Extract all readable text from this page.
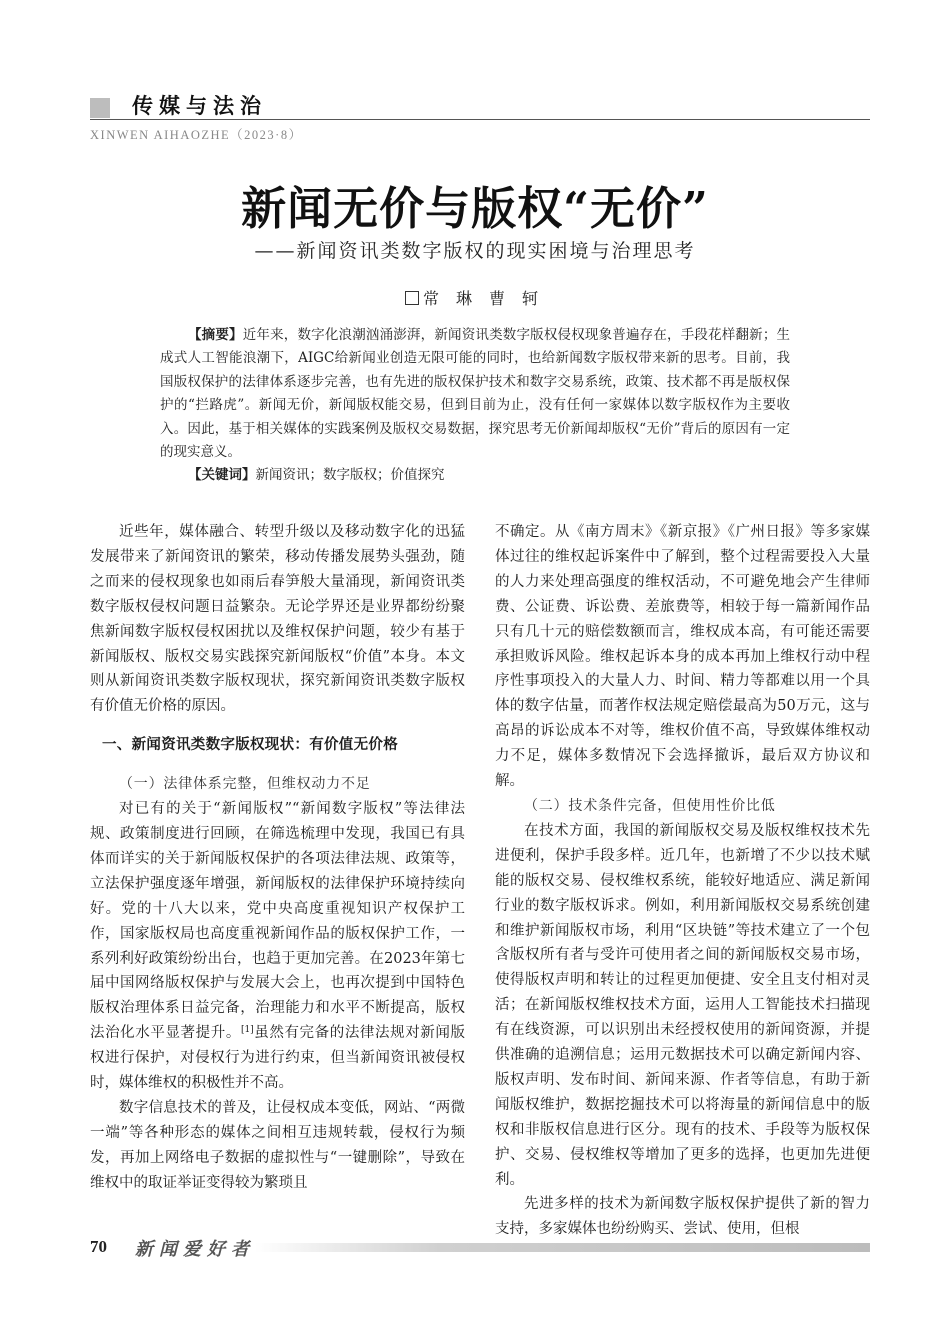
传媒与法治
XINWEN AIHAOZHE（2023·8）
新闻无价与版权“无价”
——新闻资讯类数字版权的现实困境与治理思考
常琳曹轲

【摘要】近年来，数字化浪潮汹涌澎湃，新闻资讯类数字版权侵权现象普遍存在，手段花样翻新；生成式人工智能浪潮下，AIGC给新闻业创造无限可能的同时，也给新闻数字版权带来新的思考。目前，我国版权保护的法律体系逐步完善，也有先进的版权保护技术和数字交易系统，政策、技术都不再是版权保护的“拦路虎”。新闻无价，新闻版权能交易，但到目前为止，没有任何一家媒体以数字版权作为主要收入。因此，基于相关媒体的实践案例及版权交易数据，探究思考无价新闻却版权“无价”背后的原因有一定的现实意义。

【关键词】新闻资讯；数字版权；价值探究

近些年，媒体融合、转型升级以及移动数字化的迅猛发展带来了新闻资讯的繁荣，移动传播发展势头强劲，随之而来的侵权现象也如雨后春笋般大量涌现，新闻资讯类数字版权侵权问题日益繁杂。无论学界还是业界都纷纷聚焦新闻数字版权侵权困扰以及维权保护问题，较少有基于新闻版权、版权交易实践探究新闻版权“价值”本身。本文则从新闻资讯类数字版权现状，探究新闻资讯类数字版权有价值无价格的原因。

一、新闻资讯类数字版权现状：有价值无价格

（一）法律体系完整，但维权动力不足

对已有的关于“新闻版权”“新闻数字版权”等法律法规、政策制度进行回顾，在筛选梳理中发现，我国已有具体而详实的关于新闻版权保护的各项法律法规、政策等，立法保护强度逐年增强，新闻版权的法律保护环境持续向好。党的十八大以来，党中央高度重视知识产权保护工作，国家版权局也高度重视新闻作品的版权保护工作，一系列利好政策纷纷出台，也趋于更加完善。在2023年第七届中国网络版权保护与发展大会上，也再次提到中国特色版权治理体系日益完备，治理能力和水平不断提高，版权法治化水平显著提升。[1]虽然有完备的法律法规对新闻版权进行保护，对侵权行为进行约束，但当新闻资讯被侵权时，媒体维权的积极性并不高。

数字信息技术的普及，让侵权成本变低，网站、“两微一端”等各种形态的媒体之间相互违规转载，侵权行为频发，再加上网络电子数据的虚拟性与“一键删除”，导致在维权中的取证举证变得较为繁琐且

不确定。从《南方周末》《新京报》《广州日报》等多家媒体过往的维权起诉案件中了解到，整个过程需要投入大量的人力来处理高强度的维权活动，不可避免地会产生律师费、公证费、诉讼费、差旅费等，相较于每一篇新闻作品只有几十元的赔偿数额而言，维权成本高，有可能还需要承担败诉风险。维权起诉本身的成本再加上维权行动中程序性事项投入的大量人力、时间、精力等都难以用一个具体的数字估量，而著作权法规定赔偿最高为50万元，这与高昂的诉讼成本不对等，维权价值不高，导致媒体维权动力不足，媒体多数情况下会选择撤诉，最后双方协议和解。

（二）技术条件完备，但使用性价比低

在技术方面，我国的新闻版权交易及版权维权技术先进便利，保护手段多样。近几年，也新增了不少以技术赋能的版权交易、侵权维权系统，能较好地适应、满足新闻行业的数字版权诉求。例如，利用新闻版权交易系统创建和维护新闻版权市场，利用“区块链”等技术建立了一个包含版权所有者与受许可使用者之间的新闻版权交易市场，使得版权声明和转让的过程更加便捷、安全且支付相对灵活；在新闻版权维权技术方面，运用人工智能技术扫描现有在线资源，可以识别出未经授权使用的新闻资源，并提供准确的追溯信息；运用元数据技术可以确定新闻内容、版权声明、发布时间、新闻来源、作者等信息，有助于新闻版权维护，数据挖掘技术可以将海量的新闻信息中的版权和非版权信息进行区分。现有的技术、手段等为版权保护、交易、侵权维权等增加了更多的选择，也更加先进便利。

先进多样的技术为新闻数字版权保护提供了新的智力支持，多家媒体也纷纷购买、尝试、使用，但根

70 新闻爱好者
